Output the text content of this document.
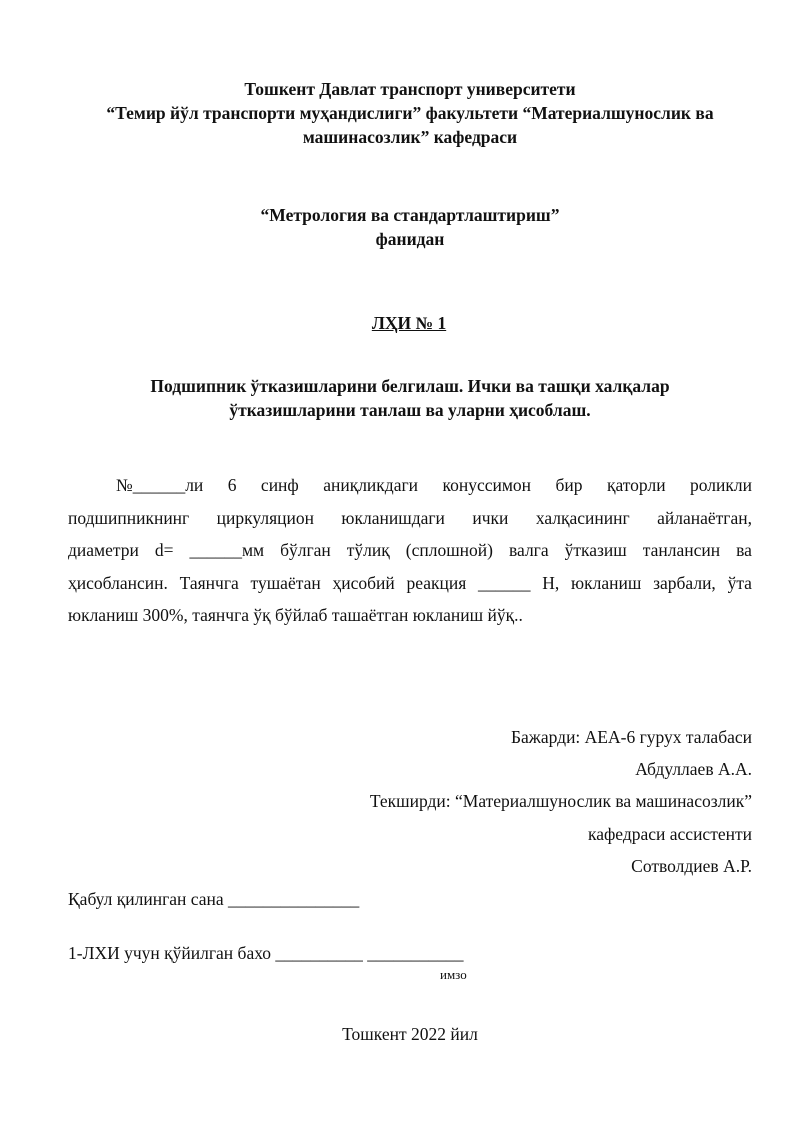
Тошкент Давлат транспорт университети
“Темир йўл транспорти муҳандислиги” факультети “Материалшунослик ва
машинасозлик” кафедраси
“Метрология ва стандартлаштириш”
фанидан
ЛҲИ № 1
Подшипник ўтказишларини белгилаш. Ички ва ташқи халқалар
ўтказишларини танлаш ва уларни ҳисоблаш.
№______ли 6 синф аниқликдаги конуссимон бир қаторли роликли
подшипникнинг циркуляцион юкланишдаги ички халқасининг айланаётган,
диаметри d= ______мм бўлган тўлиқ (сплошной) валга ўтказиш танлансин ва
ҳисоблансин. Таянчга тушаётан ҳисобий реакция ______ Н, юкланиш зарбали, ўта
юкланиш 300%, таянчга ўқ бўйлаб ташаётган юкланиш йўқ..
Бажарди: АЕА-6 гурух талабаси
Абдуллаев А.А.
Текширди: “Материалшунослик ва машинасозлик”
кафедраси ассистенти
Сотволдиев А.Р.
Қабул қилинган сана _______________
1-ЛХИ учун қўйилган бахо __________ ___________
имзо
Тошкент 2022 йил
